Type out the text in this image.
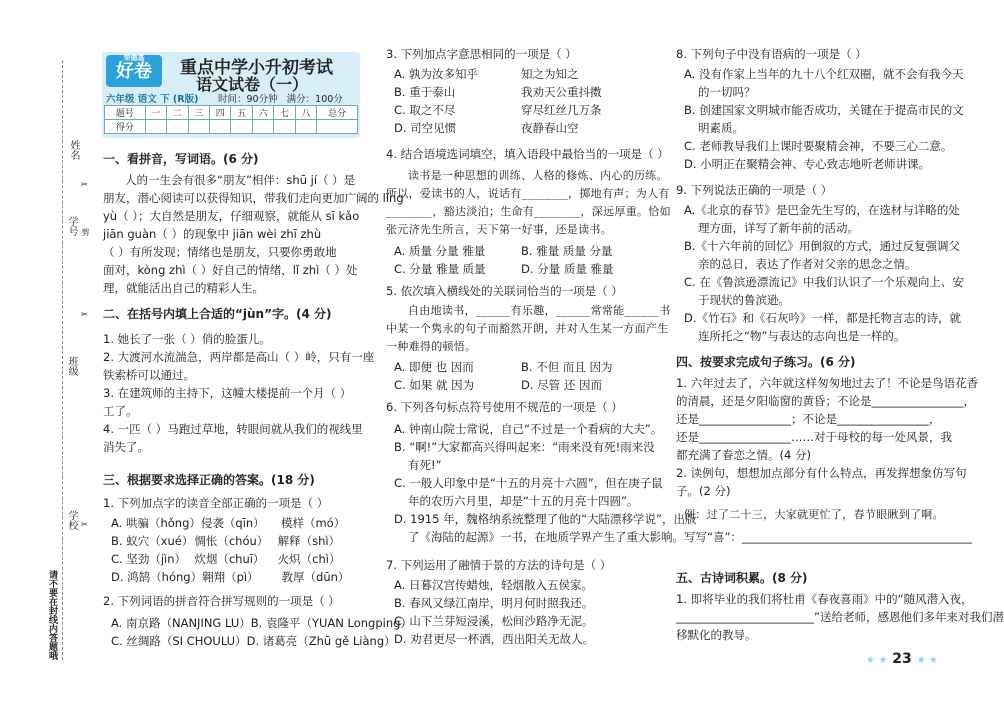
姓名
学号
班级
学校
请不要在封线内答题哦
✂
剪
✂
✂
荣德基
好卷	重点中学小升初考试
语文试卷（一）
六年级 语文 下 (R版) 时间：90分钟 满分：100分
题号	一	二	三	四	五	六	七	八	总分
得分									
一、看拼音，写词语。(6 分)
人的一生会有很多“朋友”相伴：shū jí（ ）是
朋友，潜心阅读可以获得知识，带我们走向更加广阔的 lǐng
yù（ ）；大自然是朋友，仔细观察，就能从 sī kǎo
jiān guàn（ ）的现象中 jiān wèi zhī zhù
（ ）有所发现；情绪也是朋友，只要你勇敢地
面对，kòng zhì（ ）好自己的情绪，lǐ zhì（ ）处
理，就能活出自己的精彩人生。
二、在括号内填上合适的“jùn”字。(4 分)
1. 她长了一张（ ）俏的脸蛋儿。
2. 大渡河水流湍急，两岸都是高山（ ）岭，只有一座
铁索桥可以通过。
3. 在建筑师的主持下，这幢大楼提前一个月（ ）
工了。
4. 一匹（ ）马跑过草地，转眼间就从我们的视线里
消失了。
三、根据要求选择正确的答案。(18 分)
1. 下列加点字的读音全部正确的一项是（ ）
A. 哄骗（hǒng） 侵袭（qīn）	模样（mó）
B. 蚁穴（xué） 惆怅（chóu） 解释（shì）
C. 坚劲（jìn） 炊烟（chuī）	火炽（chì）
D. 鸿鹄（hóng） 翱翔（pì）	教厚（dūn）
2. 下列词语的拼音符合拼写规则的一项是（ ）
A. 南京路（NANJING LU） B. 袁隆平（YUAN Longping）
C. 丝绸路（SI CHOULU） D. 诸葛亮（Zhū gě Liàng）
3. 下列加点字意思相同的一项是（ ）
A. 孰为汝多知乎	知之为知之
B. 重于泰山	我劝天公重抖擞
C. 取之不尽	穿尽红丝几万条
D. 司空见惯	夜静春山空
4. 结合语境选词填空，填入语段中最恰当的一项是（ ）
读书是一种思想的训练、人格的修炼、内心的历练。
所以，爱读书的人，说话有________，掷地有声；为人有
________，豁达淡泊；生命有________，深远厚重。恰如
张元济先生所言，天下第一好事，还是读书。
A. 质量 分量 雅量	B. 雅量 质量 分量
C. 分量 雅量 质量	D. 分量 质量 雅量
5. 依次填入横线处的关联词恰当的一项是（ ）
自由地读书，______有乐趣，______常常能______书
中某一个隽永的句子而豁然开朗，并对人生某一方面产生
一种难得的顿悟。
A. 即便 也 因而	B. 不但 而且 因为
C. 如果 就 因为	D. 尽管 还 因而
6. 下列各句标点符号使用不规范的一项是（ ）
A. 钟南山院士常说，自己“不过是一个看病的大夫”。
B. “啊!”大家都高兴得叫起来：“雨来没有死!雨来没
有死!”
C. 一般人印象中是“十五的月亮十六圆”，但在庚子鼠
年的农历六月里，却是“十五的月亮十四圆”。
D. 1915 年，魏格纳系统整理了他的“大陆漂移学说”，出版
了《海陆的起源》一书，在地质学界产生了重大影响。
7. 下列运用了融情于景的方法的诗句是（ ）
A. 日暮汉宫传蜡烛，轻烟散入五侯家。
B. 春风又绿江南岸，明月何时照我还。
C. 山下兰芽短浸溪，松间沙路净无泥。
D. 劝君更尽一杯酒，西出阳关无故人。
8. 下列句子中没有语病的一项是（ ）
A. 没有作家上当年的九十八个红双圈，就不会有我今天
的一切吗？
B. 创建国家文明城市能否成功，关键在于提高市民的文
明素质。
C. 老师教导我们上课时要聚精会神，不要三心二意。
D. 小明正在聚精会神、专心致志地听老师讲课。
9. 下列说法正确的一项是（ ）
A.《北京的春节》是巴金先生写的，在选材与详略的处
理方面，详写了新年前的活动。
B.《十六年前的回忆》用倒叙的方式，通过反复强调父
亲的总日，表达了作者对父亲的思念之情。
C. 在《鲁滨逊漂流记》中我们认识了一个乐观向上、安
于现状的鲁滨逊。
D.《竹石》和《石灰吟》一样，都是托物言志的诗，就
连所托之“物”与表达的志向也是一样的。
四、按要求完成句子练习。(6 分)
1. 六年过去了，六年就这样匆匆地过去了！不论是鸟语花香
的清晨，还是夕阳临窗的黄昏；不论是________________，
还是________________；不论是________________，
还是________________……对于母校的每一处风景，我
都充满了眷恋之情。(4 分)
2. 读例句，想想加点部分有什么特点，再发挥想象仿写句
子。(2 分)
例：过了二十三，大家就更忙了，春节眼瞅到了啊。
写写“喜”：________________________________________
五、古诗词积累。(8 分)
1. 即将毕业的我们将杜甫《春夜喜雨》中的“随风潜入夜，
________________________”送给老师，感恩他们多年来对我们潜
移默化的教导。
★ ★ 23 ★ ★
